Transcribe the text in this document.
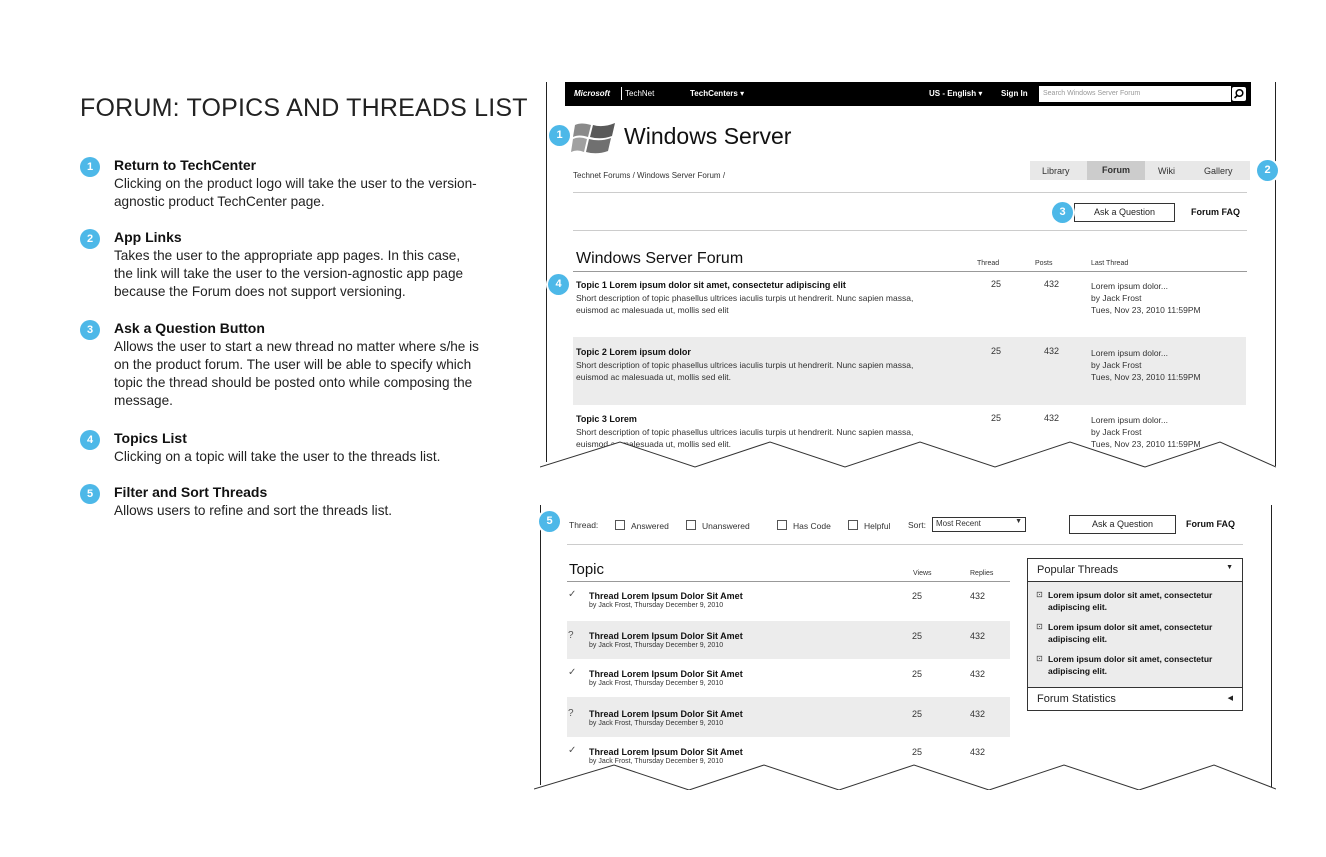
FORUM: TOPICS AND THREADS LIST
1	Return to TechCenter

Clicking on the product logo will take the user to the version-
agnostic product TechCenter page.

2	App Links

Takes the user to the appropriate app pages. In this case,
the link will take the user to the version-agnostic app page
because the Forum does not support versioning.

3	Ask a Question Button

Allows the user to start a new thread no matter where s/he is
on the product forum. The user will be able to specify which
topic the thread should be posted onto while composing the
message.

4	Topics List

Clicking on a topic will take the user to the threads list.

5	Filter and Sort Threads

Allows users to refine and sort the threads list.

Microsoft TechNet	TechCenters ▾	US - English ▾ Sign In Search Windows Server Forum
1	Windows Server
Technet Forums / Windows Server Forum /	Library	Forum	Wiki	Gallery	2
Ask a Question
3	Forum FAQ
Windows Server Forum	Thread	Posts	Last Thread
4	Topic 1 Lorem ipsum dolor sit amet, consectetur adipiscing elit
Short description of topic phasellus ultrices iaculis turpis ut hendrerit. Nunc sapien massa,
euismod ac malesuada ut, mollis sed elit
25	432	Lorem ipsum dolor...
by Jack Frost
Tues, Nov 23, 2010 11:59PM
Topic 2 Lorem ipsum dolor
Short description of topic phasellus ultrices iaculis turpis ut hendrerit. Nunc sapien massa,
euismod ac malesuada ut, mollis sed elit.
25	432	Lorem ipsum dolor...
by Jack Frost
Tues, Nov 23, 2010 11:59PM
Topic 3 Lorem
Short description of topic phasellus ultrices iaculis turpis ut hendrerit. Nunc sapien massa,
euismod ac malesuada ut, mollis sed elit.
25	432	Lorem ipsum dolor...
by Jack Frost
Tues, Nov 23, 2010 11:59PM
5	Thread:	Answered	Unanswered	Has Code	Helpful Sort: Most Recent	▼	Ask a Question	Forum FAQ
Topic	Views	Replies
✓ Thread Lorem Ipsum Dolor Sit Amet
by Jack Frost, Thursday December 9, 2010
25	432
? Thread Lorem Ipsum Dolor Sit Amet
by Jack Frost, Thursday December 9, 2010
25	432
✓ Thread Lorem Ipsum Dolor Sit Amet
by Jack Frost, Thursday December 9, 2010
25	432
? Thread Lorem Ipsum Dolor Sit Amet
by Jack Frost, Thursday December 9, 2010
25	432
✓ Thread Lorem Ipsum Dolor Sit Amet
by Jack Frost, Thursday December 9, 2010
25	432
Popular Threads	▼
⊡ Lorem ipsum dolor sit amet, consectetur
adipiscing elit.
⊡ Lorem ipsum dolor sit amet, consectetur
adipiscing elit.
⊡ Lorem ipsum dolor sit amet, consectetur
adipiscing elit.
Forum Statistics	◀
